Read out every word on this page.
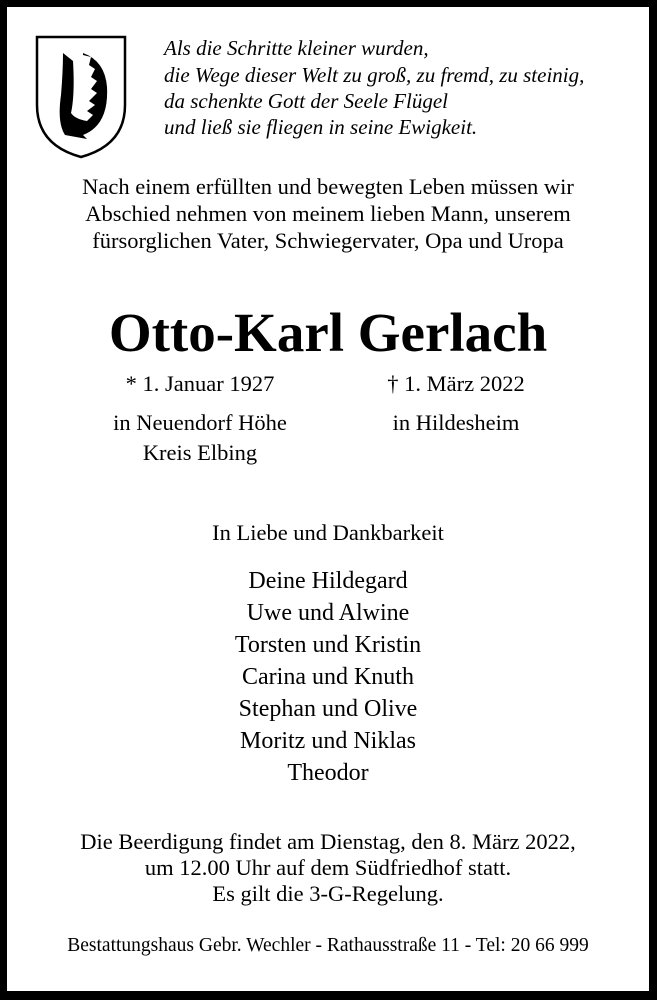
Als die Schritte kleiner wurden,
die Wege dieser Welt zu groß, zu fremd, zu steinig,
da schenkte Gott der Seele Flügel
und ließ sie fliegen in seine Ewigkeit.
Nach einem erfüllten und bewegten Leben müssen wir
Abschied nehmen von meinem lieben Mann, unserem
fürsorglichen Vater, Schwiegervater, Opa und Uropa
Otto-Karl Gerlach
* 1. Januar 1927
in Neuendorf Höhe
Kreis Elbing
† 1. März 2022
in Hildesheim
In Liebe und Dankbarkeit
Deine Hildegard
Uwe und Alwine
Torsten und Kristin
Carina und Knuth
Stephan und Olive
Moritz und Niklas
Theodor
Die Beerdigung findet am Dienstag, den 8. März 2022,
um 12.00 Uhr auf dem Südfriedhof statt.
Es gilt die 3-G-Regelung.
Bestattungshaus Gebr. Wechler - Rathausstraße 11 - Tel: 20 66 999
